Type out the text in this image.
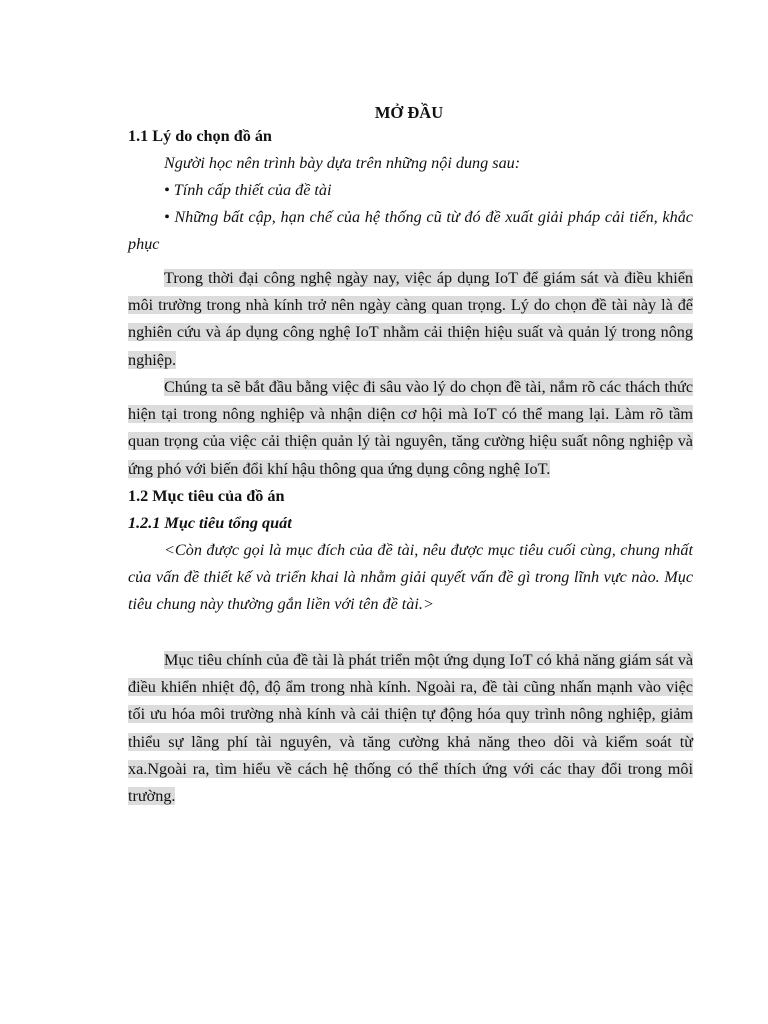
MỞ ĐẦU

1.1 Lý do chọn đồ án

Người học nên trình bày dựa trên những nội dung sau:

• Tính cấp thiết của đề tài

• Những bất cập, hạn chế của hệ thống cũ từ đó đề xuất giải pháp cải tiến, khắc phục

Trong thời đại công nghệ ngày nay, việc áp dụng IoT để giám sát và điều khiển môi trường trong nhà kính trở nên ngày càng quan trọng. Lý do chọn đề tài này là để nghiên cứu và áp dụng công nghệ IoT nhằm cải thiện hiệu suất và quản lý trong nông nghiệp.

Chúng ta sẽ bắt đầu bằng việc đi sâu vào lý do chọn đề tài, nắm rõ các thách thức hiện tại trong nông nghiệp và nhận diện cơ hội mà IoT có thể mang lại. Làm rõ tầm quan trọng của việc cải thiện quản lý tài nguyên, tăng cường hiệu suất nông nghiệp và ứng phó với biến đổi khí hậu thông qua ứng dụng công nghệ IoT.

1.2 Mục tiêu của đồ án

1.2.1 Mục tiêu tổng quát

<Còn được gọi là mục đích của đề tài, nêu được mục tiêu cuối cùng, chung nhất của vấn đề thiết kế và triển khai là nhằm giải quyết vấn đề gì trong lĩnh vực nào. Mục tiêu chung này thường gắn liền với tên đề tài.>

Mục tiêu chính của đề tài là phát triển một ứng dụng IoT có khả năng giám sát và điều khiển nhiệt độ, độ ẩm trong nhà kính. Ngoài ra, đề tài cũng nhấn mạnh vào việc tối ưu hóa môi trường nhà kính và cải thiện tự động hóa quy trình nông nghiệp, giảm thiểu sự lãng phí tài nguyên, và tăng cường khả năng theo dõi và kiểm soát từ xa.Ngoài ra, tìm hiểu về cách hệ thống có thể thích ứng với các thay đổi trong môi trường.
